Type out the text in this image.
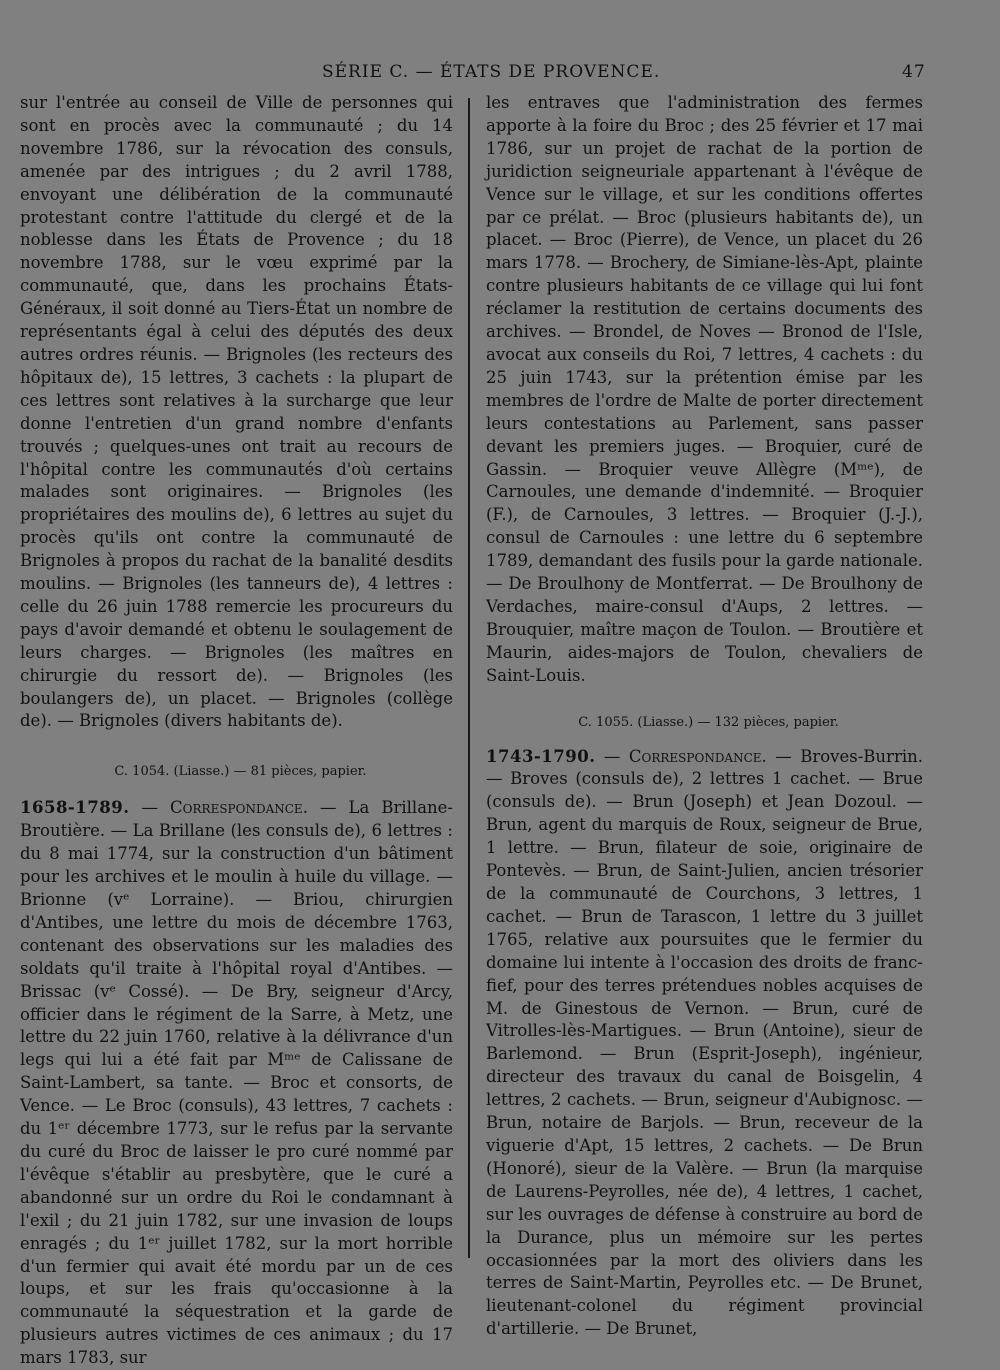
SÉRIE C. — ÉTATS DE PROVENCE.	47

sur l'entrée au conseil de Ville de personnes qui sont en procès avec la communauté ; du 14 novembre 1786, sur la révocation des consuls, amenée par des intrigues ; du 2 avril 1788, envoyant une délibération de la communauté protestant contre l'attitude du clergé et de la noblesse dans les États de Provence ; du 18 novembre 1788, sur le vœu exprimé par la communauté, que, dans les prochains États-Généraux, il soit donné au Tiers-État un nombre de représentants égal à celui des députés des deux autres ordres réunis. — Brignoles (les recteurs des hôpitaux de), 15 lettres, 3 cachets : la plupart de ces lettres sont relatives à la surcharge que leur donne l'entretien d'un grand nombre d'enfants trouvés ; quelques-unes ont trait au recours de l'hôpital contre les communautés d'où certains malades sont originaires. — Brignoles (les propriétaires des moulins de), 6 lettres au sujet du procès qu'ils ont contre la communauté de Brignoles à propos du rachat de la banalité desdits moulins. — Brignoles (les tanneurs de), 4 lettres : celle du 26 juin 1788 remercie les procureurs du pays d'avoir demandé et obtenu le soulagement de leurs charges. — Brignoles (les maîtres en chirurgie du ressort de). — Brignoles (les boulangers de), un placet. — Brignoles (collège de). — Brignoles (divers habitants de).

C. 1054. (Liasse.) — 81 pièces, papier.

1658-1789. — Correspondance. — La Brillane-Broutière. — La Brillane (les consuls de), 6 lettres : du 8 mai 1774, sur la construction d'un bâtiment pour les archives et le moulin à huile du village. — Brionne (vᵉ Lorraine). — Briou, chirurgien d'Antibes, une lettre du mois de décembre 1763, contenant des observations sur les maladies des soldats qu'il traite à l'hôpital royal d'Antibes. — Brissac (vᵉ Cossé). — De Bry, seigneur d'Arcy, officier dans le régiment de la Sarre, à Metz, une lettre du 22 juin 1760, relative à la délivrance d'un legs qui lui a été fait par Mᵐᵉ de Calissane de Saint-Lambert, sa tante. — Broc et consorts, de Vence. — Le Broc (consuls), 43 lettres, 7 cachets : du 1ᵉʳ décembre 1773, sur le refus par la servante du curé du Broc de laisser le pro curé nommé par l'évêque s'établir au presbytère, que le curé a abandonné sur un ordre du Roi le condamnant à l'exil ; du 21 juin 1782, sur une invasion de loups enragés ; du 1ᵉʳ juillet 1782, sur la mort horrible d'un fermier qui avait été mordu par un de ces loups, et sur les frais qu'occasionne à la communauté la séquestration et la garde de plusieurs autres victimes de ces animaux ; du 17 mars 1783, sur

les entraves que l'administration des fermes apporte à la foire du Broc ; des 25 février et 17 mai 1786, sur un projet de rachat de la portion de juridiction seigneuriale appartenant à l'évêque de Vence sur le village, et sur les conditions offertes par ce prélat. — Broc (plusieurs habitants de), un placet. — Broc (Pierre), de Vence, un placet du 26 mars 1778. — Brochery, de Simiane-lès-Apt, plainte contre plusieurs habitants de ce village qui lui font réclamer la restitution de certains documents des archives. — Brondel, de Noves — Bronod de l'Isle, avocat aux conseils du Roi, 7 lettres, 4 cachets : du 25 juin 1743, sur la prétention émise par les membres de l'ordre de Malte de porter directement leurs contestations au Parlement, sans passer devant les premiers juges. — Broquier, curé de Gassin. — Broquier veuve Allègre (Mᵐᵉ), de Carnoules, une demande d'indemnité. — Broquier (F.), de Carnoules, 3 lettres. — Broquier (J.-J.), consul de Carnoules : une lettre du 6 septembre 1789, demandant des fusils pour la garde nationale. — De Broulhony de Montferrat. — De Broulhony de Verdaches, maire-consul d'Aups, 2 lettres. — Brouquier, maître maçon de Toulon. — Broutière et Maurin, aides-majors de Toulon, chevaliers de Saint-Louis.

C. 1055. (Liasse.) — 132 pièces, papier.

1743-1790. — Correspondance. — Broves-Burrin. — Broves (consuls de), 2 lettres 1 cachet. — Brue (consuls de). — Brun (Joseph) et Jean Dozoul. — Brun, agent du marquis de Roux, seigneur de Brue, 1 lettre. — Brun, filateur de soie, originaire de Pontevès. — Brun, de Saint-Julien, ancien trésorier de la communauté de Courchons, 3 lettres, 1 cachet. — Brun de Tarascon, 1 lettre du 3 juillet 1765, relative aux poursuites que le fermier du domaine lui intente à l'occasion des droits de franc-fief, pour des terres prétendues nobles acquises de M. de Ginestous de Vernon. — Brun, curé de Vitrolles-lès-Martigues. — Brun (Antoine), sieur de Barlemond. — Brun (Esprit-Joseph), ingénieur, directeur des travaux du canal de Boisgelin, 4 lettres, 2 cachets. — Brun, seigneur d'Aubignosc. — Brun, notaire de Barjols. — Brun, receveur de la viguerie d'Apt, 15 lettres, 2 cachets. — De Brun (Honoré), sieur de la Valère. — Brun (la marquise de Laurens-Peyrolles, née de), 4 lettres, 1 cachet, sur les ouvrages de défense à construire au bord de la Durance, plus un mémoire sur les pertes occasionnées par la mort des oliviers dans les terres de Saint-Martin, Peyrolles etc. — De Brunet, lieutenant-colonel du régiment provincial d'artillerie. — De Brunet,
